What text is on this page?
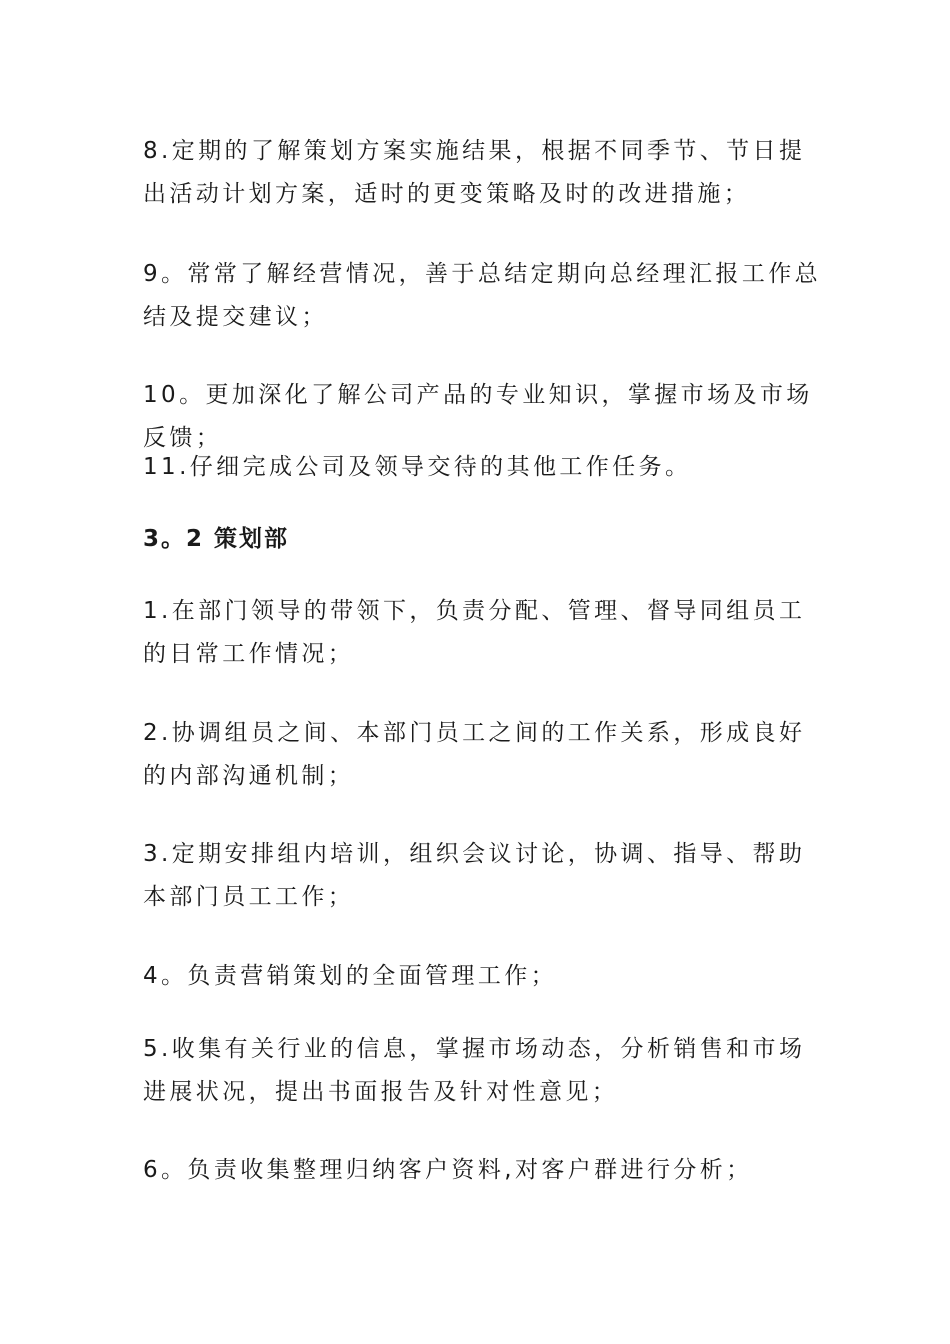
8.定期的了解策划方案实施结果，根据不同季节、节日提出活动计划方案，适时的更变策略及时的改进措施；

9。常常了解经营情况，善于总结定期向总经理汇报工作总结及提交建议；

10。更加深化了解公司产品的专业知识，掌握市场及市场反馈；

11.仔细完成公司及领导交待的其他工作任务。

3。2 策划部

1.在部门领导的带领下，负责分配、管理、督导同组员工的日常工作情况；

2.协调组员之间、本部门员工之间的工作关系，形成良好的内部沟通机制；

3.定期安排组内培训，组织会议讨论，协调、指导、帮助本部门员工工作；

4。负责营销策划的全面管理工作；

5.收集有关行业的信息，掌握市场动态，分析销售和市场进展状况，提出书面报告及针对性意见；

6。负责收集整理归纳客户资料,对客户群进行分析；
